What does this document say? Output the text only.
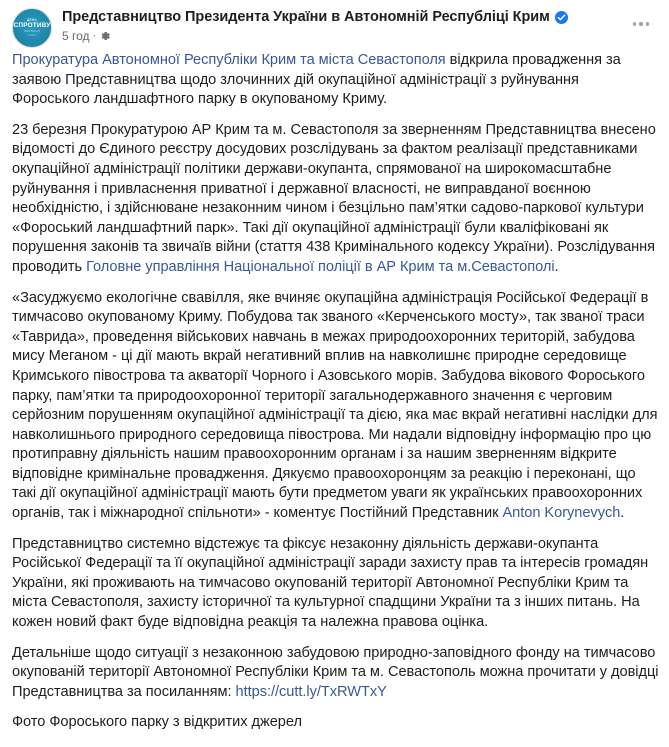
ДЕНЬ
СПРОТИВУ
ОКУПАЦІЇ
КРИМУ
Представництво Президента України в Автономній Республіці Крим
5 год ·

Прокуратура Автономної Республіки Крим та міста Севастополя відкрила провадження за заявою Представництва щодо злочинних дій окупаційної адміністрації з руйнування Фороського ландшафтного парку в окупованому Криму.

23 березня Прокуратурою АР Крим та м. Севастополя за зверненням Представництва внесено відомості до Єдиного реєстру досудових розслідувань за фактом реалізації представниками окупаційної адміністрації політики держави-окупанта, спрямованої на широкомасштабне руйнування і привласнення приватної і державної власності, не виправданої воєнною необхідністю, і здійснюване незаконним чином і безцільно пам’ятки садово-паркової культури «Фороський ландшафтний парк». Такі дії окупаційної адміністрації були кваліфіковані як порушення законів та звичаїв війни (стаття 438 Кримінального кодексу України). Розслідування проводить Головне управління Національної поліції в АР Крим та м.Севастополі.

«Засуджуємо екологічне свавілля, яке вчиняє окупаційна адміністрація Російської Федерації в тимчасово окупованому Криму. Побудова так званого «Керченського мосту», так званої траси «Таврида», проведення військових навчань в межах природоохоронних територій, забудова мису Меганом - ці дії мають вкрай негативний вплив на навколишнє природне середовище Кримського півострова та акваторії Чорного і Азовського морів. Забудова вікового Фороського парку, пам’ятки та природоохоронної території загальнодержавного значення є черговим серйозним порушенням окупаційної адміністрації та дією, яка має вкрай негативні наслідки для навколишнього природного середовища півострова. Ми надали відповідну інформацію про цю протиправну діяльність нашим правоохоронним органам і за нашим зверненням відкрите відповідне кримінальне провадження. Дякуємо правоохоронцям за реакцію і переконані, що такі дії окупаційної адміністрації мають бути предметом уваги як українських правоохоронних органів, так і міжнародної спільноти» - коментує Постійний Представник Anton Korynevych.

Представництво системно відстежує та фіксує незаконну діяльність держави-окупанта Російської Федерації та її окупаційної адміністрації заради захисту прав та інтересів громадян України, які проживають на тимчасово окупованій території Автономної Республіки Крим та міста Севастополя, захисту історичної та культурної спадщини України та з інших питань. На кожен новий факт буде відповідна реакція та належна правова оцінка.

Детальніше щодо ситуації з незаконною забудовою природно-заповідного фонду на тимчасово окупованій території Автономної Республіки Крим та м. Севастополь можна прочитати у довідці Представництва за посиланням: https://cutt.ly/TxRWTxY

Фото Фороського парку з відкритих джерел
